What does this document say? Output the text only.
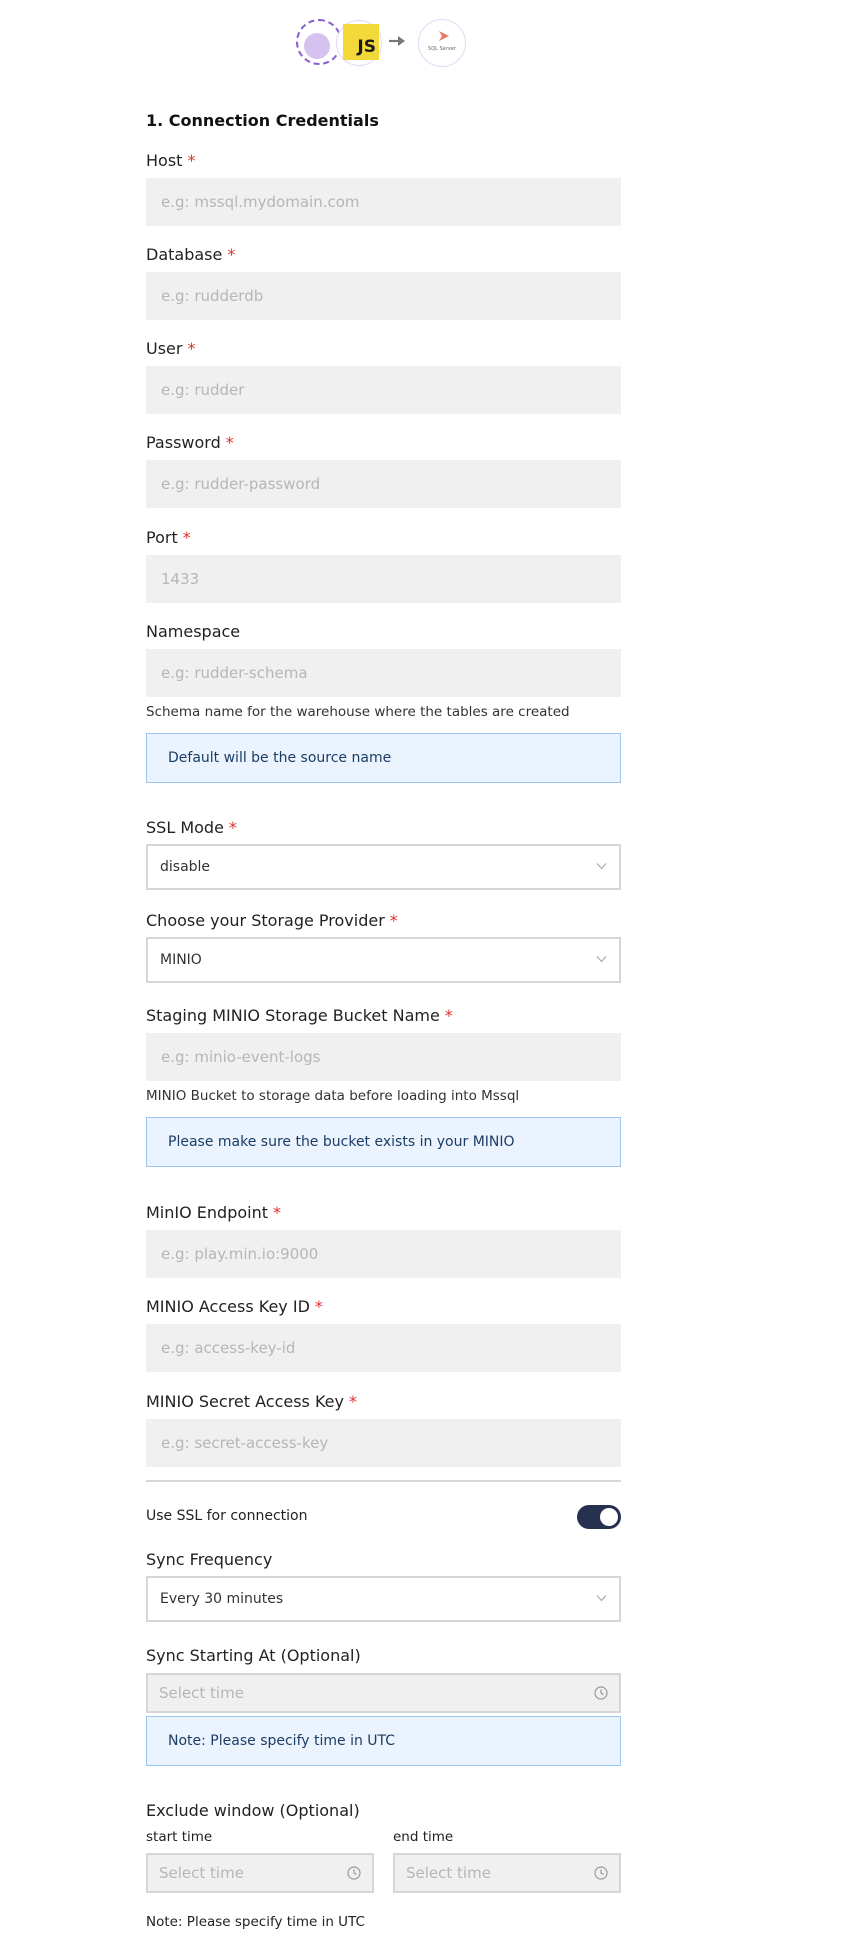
JS	SQL Server
1. Connection Credentials
Host *
e.g: mssql.mydomain.com
Database *
e.g: rudderdb
User *
e.g: rudder
Password *
e.g: rudder-password
Port *
1433
Namespace
e.g: rudder-schema
Schema name for the warehouse where the tables are created
Default will be the source name
SSL Mode *
disable
Choose your Storage Provider *
MINIO
Staging MINIO Storage Bucket Name *
e.g: minio-event-logs
MINIO Bucket to storage data before loading into Mssql
Please make sure the bucket exists in your MINIO
MinIO Endpoint *
e.g: play.min.io:9000
MINIO Access Key ID *
e.g: access-key-id
MINIO Secret Access Key *
e.g: secret-access-key
Use SSL for connection
Sync Frequency
Every 30 minutes
Sync Starting At (Optional)
Select time
Note: Please specify time in UTC
Exclude window (Optional)
start time	end time
Select time	Select time
Note: Please specify time in UTC
